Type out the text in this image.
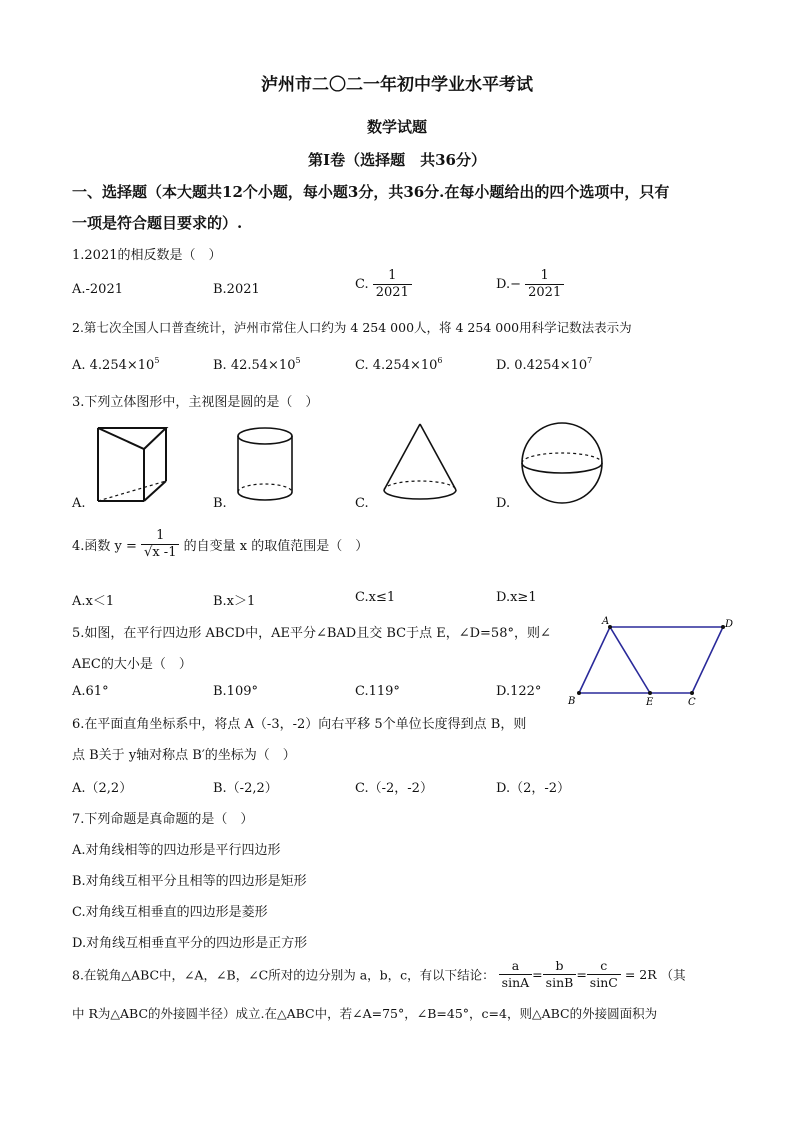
泸州市二〇二一年初中学业水平考试
数学试题
第Ⅰ卷（选择题　共36分）
一、选择题（本大题共12个小题，每小题3分，共36分.在每小题给出的四个选项中，只有
一项是符合题目要求的）.
1.2021的相反数是（　）
A.-2021	B.2021	C. $\frac{1}{2021}$	$D.- \frac{1}{2021}$
2.第七次全国人口普查统计，泸州市常住人口约为 4 254 000人，将 4 254 000用科学记数法表示为
A. $4.254\times 10^5$	B. $42.54\times 10^5$	C. $4.254\times 10^6$	D. $0.4254\times 10^7$
3.下列立体图形中，主视图是圆的是（　）
A.	B.	C.	D.
4.函数 $y = \frac{1}{√x -1}$ 的自变量 x 的取值范围是（　）
A.x＜1	B.x＞1	C.x≤1	D.x≥1
5.如图，在平行四边形 ABCD中，AE平分∠BAD且交 BC于点 E，∠D=58°，则∠
AEC的大小是（　）
A.61°	B.109°	C.119°	D.122°
A	D
B	C
E
6.在平面直角坐标系中，将点 A（-3，-2）向右平移 5个单位长度得到点 B，则
点 B关于 y轴对称点 B′的坐标为（　）
A.（2,2）	B.（-2,2）	C.（-2，-2）	D.（2，-2）
7.下列命题是真命题的是（　）
A.对角线相等的四边形是平行四边形
B.对角线互相平分且相等的四边形是矩形
C.对角线互相垂直的四边形是菱形
D.对角线互相垂直平分的四边形是正方形
8.在锐角△ABC中，∠A，∠B，∠C所对的边分别为 a，b，c，有以下结论： $\frac{a}{\sin A} = \frac{b}{\sin B} = \frac{c}{\sin C} = 2R$ （其
中 R为△ABC的外接圆半径）成立.在△ABC中，若∠A=75°，∠B=45°，c=4，则△ABC的外接圆面积为
